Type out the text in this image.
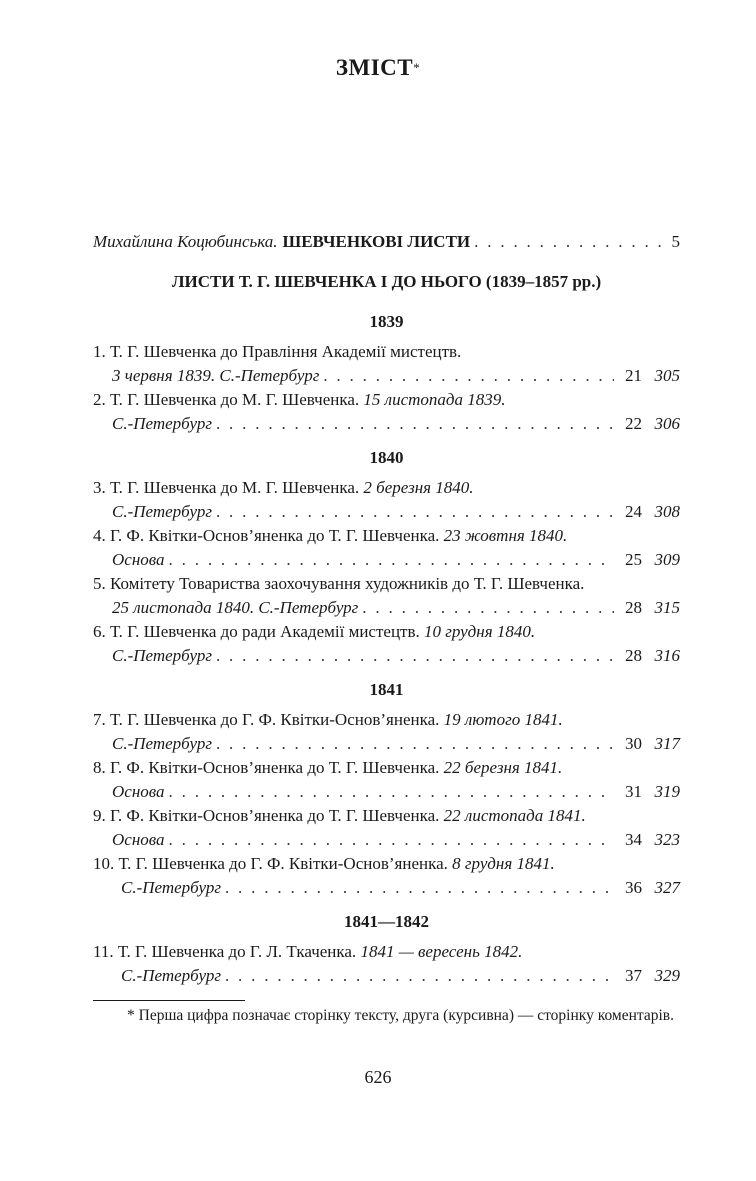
ЗМІСТ*
Михайлина Коцюбинська. ШЕВЧЕНКОВІ ЛИСТИ . . .	5
ЛИСТИ Т. Г. ШЕВЧЕНКА І ДО НЬОГО (1839–1857 рр.)
1839
1. Т. Г. Шевченка до Правління Академії мистецтв.
3 червня 1839. С.-Петербург . . .	21 305
2. Т. Г. Шевченка до М. Г. Шевченка. 15 листопада 1839.
С.-Петербург . . .	22 306
1840
3. Т. Г. Шевченка до М. Г. Шевченка. 2 березня 1840.
С.-Петербург . . .	24 308
4. Г. Ф. Квітки-Основ’яненка до Т. Г. Шевченка. 23 жовтня 1840.
Основа . . .	25 309
5. Комітету Товариства заохочування художників до Т. Г. Шевченка.
25 листопада 1840. С.-Петербург . . .	28 315
6. Т. Г. Шевченка до ради Академії мистецтв. 10 грудня 1840.
С.-Петербург . . .	28 316
1841
7. Т. Г. Шевченка до Г. Ф. Квітки-Основ’яненка. 19 лютого 1841.
С.-Петербург . . .	30 317
8. Г. Ф. Квітки-Основ’яненка до Т. Г. Шевченка. 22 березня 1841.
Основа . . .	31 319
9. Г. Ф. Квітки-Основ’яненка до Т. Г. Шевченка. 22 листопада 1841.
Основа . . .	34 323
10. Т. Г. Шевченка до Г. Ф. Квітки-Основ’яненка. 8 грудня 1841.
С.-Петербург . . .	36 327
1841—1842
11. Т. Г. Шевченка до Г. Л. Ткаченка. 1841 — вересень 1842.
С.-Петербург . . .	37 329
* Перша цифра позначає сторінку тексту, друга (курсивна) — сторінку коментарів.
626
